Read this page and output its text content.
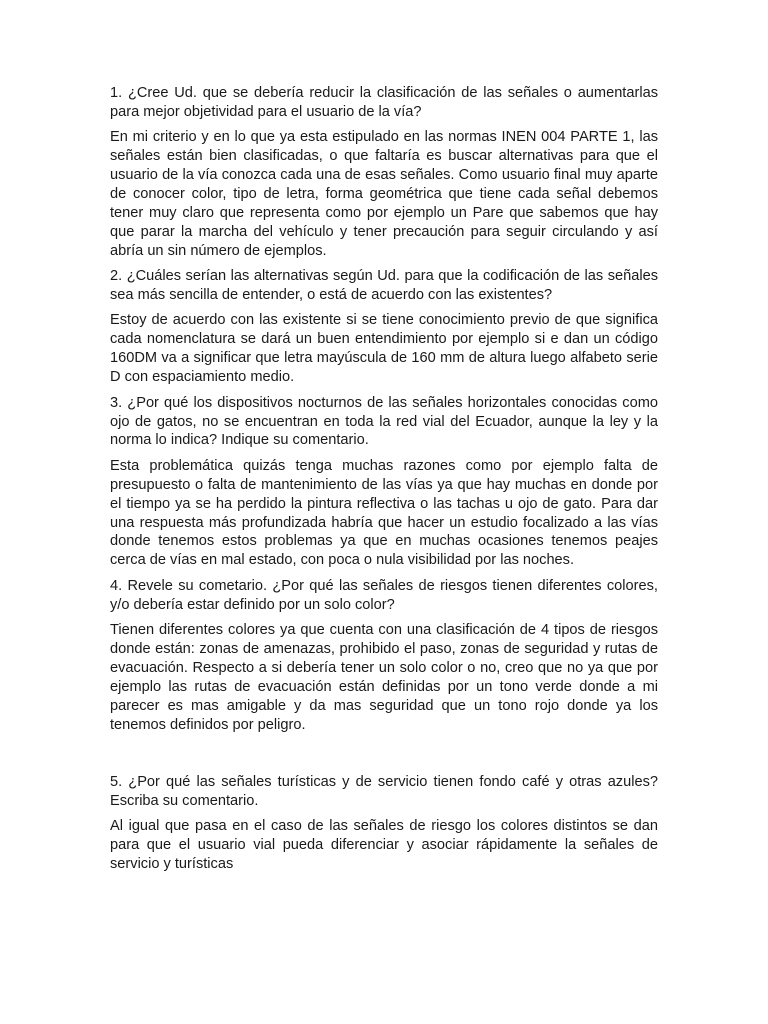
1. ¿Cree Ud. que se debería reducir la clasificación de las señales o aumentarlas para mejor objetividad para el usuario de la vía?

En mi criterio y en lo que ya esta estipulado en las normas INEN 004 PARTE 1, las señales están bien clasificadas, o que faltaría es buscar alternativas para que el usuario de la vía conozca cada una de esas señales. Como usuario final muy aparte de conocer color, tipo de letra, forma geométrica que tiene cada señal debemos tener muy claro que representa como por ejemplo un Pare que sabemos que hay que parar la marcha del vehículo y tener precaución para seguir circulando y así abría un sin número de ejemplos.

2. ¿Cuáles serían las alternativas según Ud. para que la codificación de las señales sea más sencilla de entender, o está de acuerdo con las existentes?

Estoy de acuerdo con las existente si se tiene conocimiento previo de que significa cada nomenclatura se dará un buen entendimiento por ejemplo si e dan un código 160DM va a significar que letra mayúscula de 160 mm de altura luego alfabeto serie D con espaciamiento medio.

3. ¿Por qué los dispositivos nocturnos de las señales horizontales conocidas como ojo de gatos, no se encuentran en toda la red vial del Ecuador, aunque la ley y la norma lo indica? Indique su comentario.

Esta problemática quizás tenga muchas razones como por ejemplo falta de presupuesto o falta de mantenimiento de las vías ya que hay muchas en donde por el tiempo ya se ha perdido la pintura reflectiva o las tachas u ojo de gato. Para dar una respuesta más profundizada habría que hacer un estudio focalizado a las vías donde tenemos estos problemas ya que en muchas ocasiones tenemos peajes cerca de vías en mal estado, con poca o nula visibilidad por las noches.

4. Revele su cometario. ¿Por qué las señales de riesgos tienen diferentes colores, y/o debería estar definido por un solo color?

Tienen diferentes colores ya que cuenta con una clasificación de 4 tipos de riesgos donde están: zonas de amenazas, prohibido el paso, zonas de seguridad y rutas de evacuación. Respecto a si debería tener un solo color o no, creo que no ya que por ejemplo las rutas de evacuación están definidas por un tono verde donde a mi parecer es mas amigable y da mas seguridad que un tono rojo donde ya los tenemos definidos por peligro.

5. ¿Por qué las señales turísticas y de servicio tienen fondo café y otras azules? Escriba su comentario.

Al igual que pasa en el caso de las señales de riesgo los colores distintos se dan para que el usuario vial pueda diferenciar y asociar rápidamente la señales de servicio y turísticas
